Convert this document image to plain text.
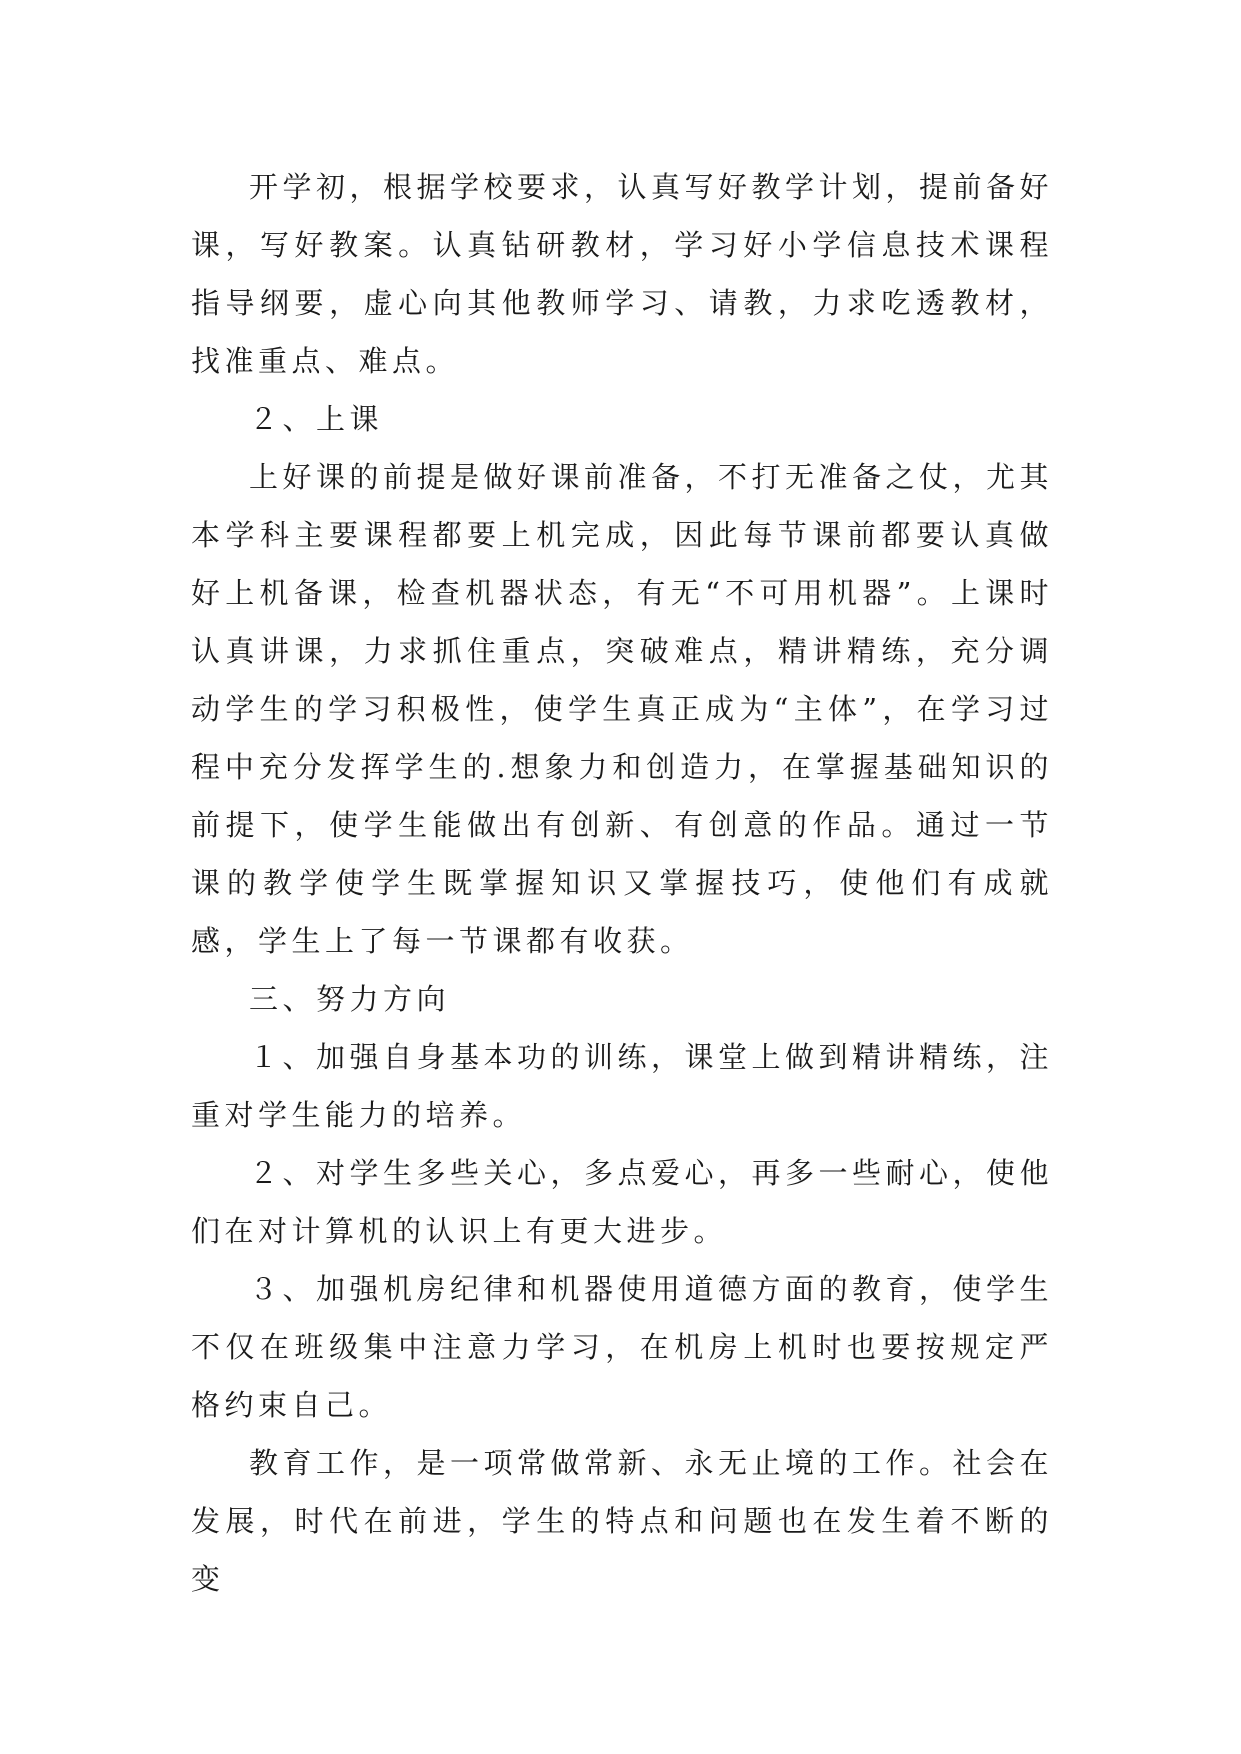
开学初，根据学校要求，认真写好教学计划，提前备好课，写好教案。认真钻研教材，学习好小学信息技术课程指导纲要，虚心向其他教师学习、请教，力求吃透教材，找准重点、难点。

２、上课

上好课的前提是做好课前准备，不打无准备之仗，尤其本学科主要课程都要上机完成，因此每节课前都要认真做好上机备课，检查机器状态，有无“不可用机器”。上课时认真讲课，力求抓住重点，突破难点，精讲精练，充分调动学生的学习积极性，使学生真正成为“主体”，在学习过程中充分发挥学生的.想象力和创造力，在掌握基础知识的前提下，使学生能做出有创新、有创意的作品。通过一节课的教学使学生既掌握知识又掌握技巧，使他们有成就感，学生上了每一节课都有收获。

三、努力方向

１、加强自身基本功的训练，课堂上做到精讲精练，注重对学生能力的培养。

２、对学生多些关心，多点爱心，再多一些耐心，使他们在对计算机的认识上有更大进步。

３、加强机房纪律和机器使用道德方面的教育，使学生不仅在班级集中注意力学习，在机房上机时也要按规定严格约束自己。

教育工作，是一项常做常新、永无止境的工作。社会在发展，时代在前进，学生的特点和问题也在发生着不断的变
